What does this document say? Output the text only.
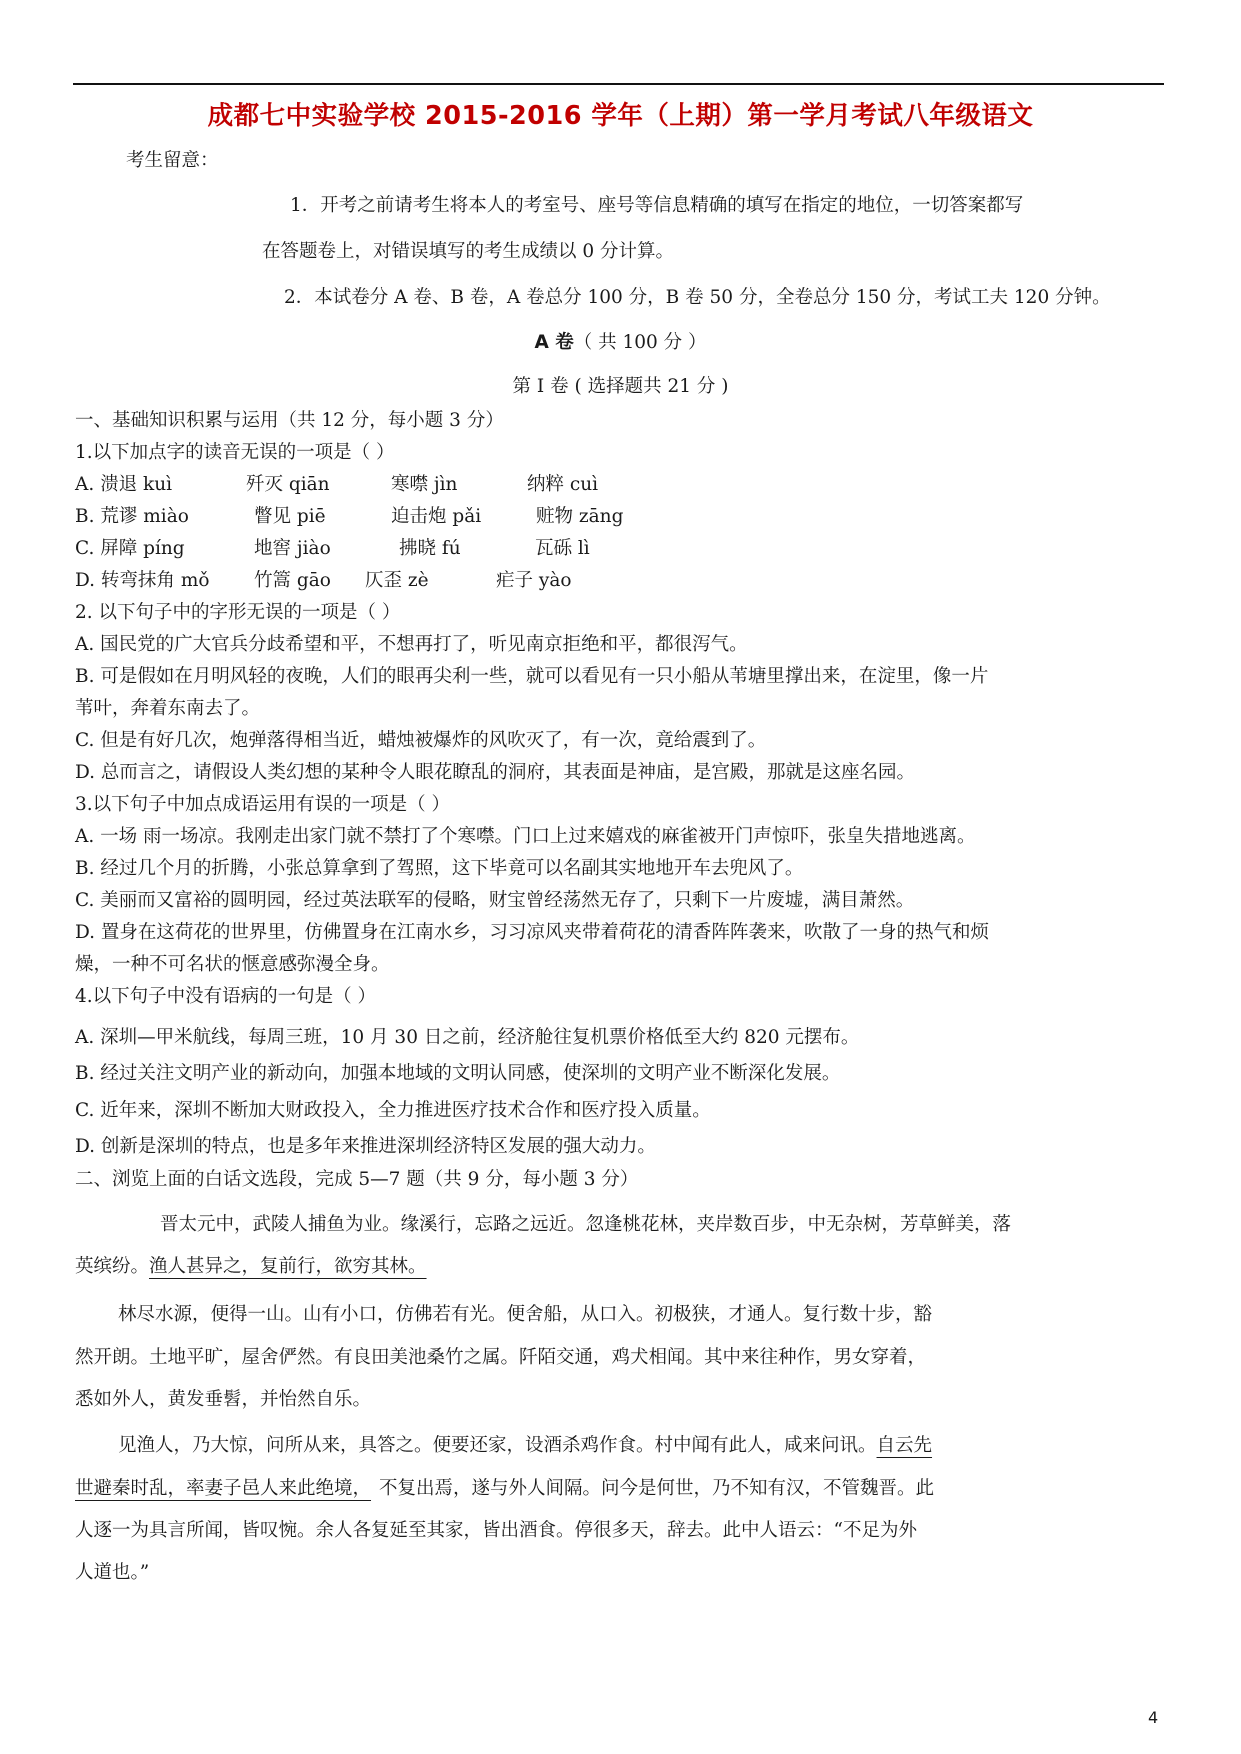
成都七中实验学校 2015-2016 学年（上期）第一学月考试八年级语文
考生留意：
1．开考之前请考生将本人的考室号、座号等信息精确的填写在指定的地位，一切答案都写
在答题卷上，对错误填写的考生成绩以 0 分计算。
2．本试卷分 A 卷、B 卷，A 卷总分 100 分，B 卷 50 分，全卷总分 150 分，考试工夫 120 分钟。
A 卷（ 共 100 分 ）
第 I 卷 ( 选择题共 21 分 )
一、基础知识积累与运用（共 12 分，每小题 3 分）
1.以下加点字的读音无误的一项是（ ）
A. 溃退 kuì	歼灭 qiān	寒噤 jìn	纳粹 cuì
B. 荒谬 miào	瞥见 piē	迫击炮 pǎi	赃物 zāng
C. 屏障 píng	地窖 jiào	拂晓 fú	瓦砾 lì
D. 转弯抹角 mǒ 竹篙 gāo 仄歪 zè	疟子 yào
2. 以下句子中的字形无误的一项是（ ）
A. 国民党的广大官兵分歧希望和平，不想再打了，听见南京拒绝和平，都很泻气。
B. 可是假如在月明风轻的夜晚，人们的眼再尖利一些，就可以看见有一只小船从苇塘里撑出来，在淀里，像一片
苇叶，奔着东南去了。
C. 但是有好几次，炮弹落得相当近，蜡烛被爆炸的风吹灭了，有一次，竟给震到了。
D. 总而言之，请假设人类幻想的某种令人眼花瞭乱的洞府，其表面是神庙，是宫殿，那就是这座名园。
3.以下句子中加点成语运用有误的一项是（ ）
A. 一场 雨一场凉。我刚走出家门就不禁打了个寒噤。门口上过来嬉戏的麻雀被开门声惊吓，张皇失措地逃离。
B. 经过几个月的折腾，小张总算拿到了驾照，这下毕竟可以名副其实地地开车去兜风了。
C. 美丽而又富裕的圆明园，经过英法联军的侵略，财宝曾经荡然无存了，只剩下一片废墟，满目萧然。
D. 置身在这荷花的世界里，仿佛置身在江南水乡，习习凉风夹带着荷花的清香阵阵袭来，吹散了一身的热气和烦
燥，一种不可名状的惬意感弥漫全身。
4.以下句子中没有语病的一句是（ ）
A. 深圳—甲米航线，每周三班，10 月 30 日之前，经济舱往复机票价格低至大约 820 元摆布。
B. 经过关注文明产业的新动向，加强本地域的文明认同感，使深圳的文明产业不断深化发展。
C. 近年来，深圳不断加大财政投入，全力推进医疗技术合作和医疗投入质量。
D. 创新是深圳的特点，也是多年来推进深圳经济特区发展的强大动力。
二、浏览上面的白话文选段，完成 5—7 题（共 9 分，每小题 3 分）
晋太元中，武陵人捕鱼为业。缘溪行，忘路之远近。忽逢桃花林，夹岸数百步，中无杂树，芳草鲜美，落
英缤纷。渔人甚异之，复前行，欲穷其林。
林尽水源，便得一山。山有小口，仿佛若有光。便舍船，从口入。初极狭，才通人。复行数十步，豁
然开朗。土地平旷，屋舍俨然。有良田美池桑竹之属。阡陌交通，鸡犬相闻。其中来往种作，男女穿着，
悉如外人，黄发垂髫，并怡然自乐。
见渔人，乃大惊，问所从来，具答之。便要还家，设酒杀鸡作食。村中闻有此人，咸来问讯。自云先
世避秦时乱，率妻子邑人来此绝境， 不复出焉，遂与外人间隔。问今是何世，乃不知有汉，不管魏晋。此
人逐一为具言所闻，皆叹惋。余人各复延至其家，皆出酒食。停很多天，辞去。此中人语云：“不足为外
人道也。”
4
